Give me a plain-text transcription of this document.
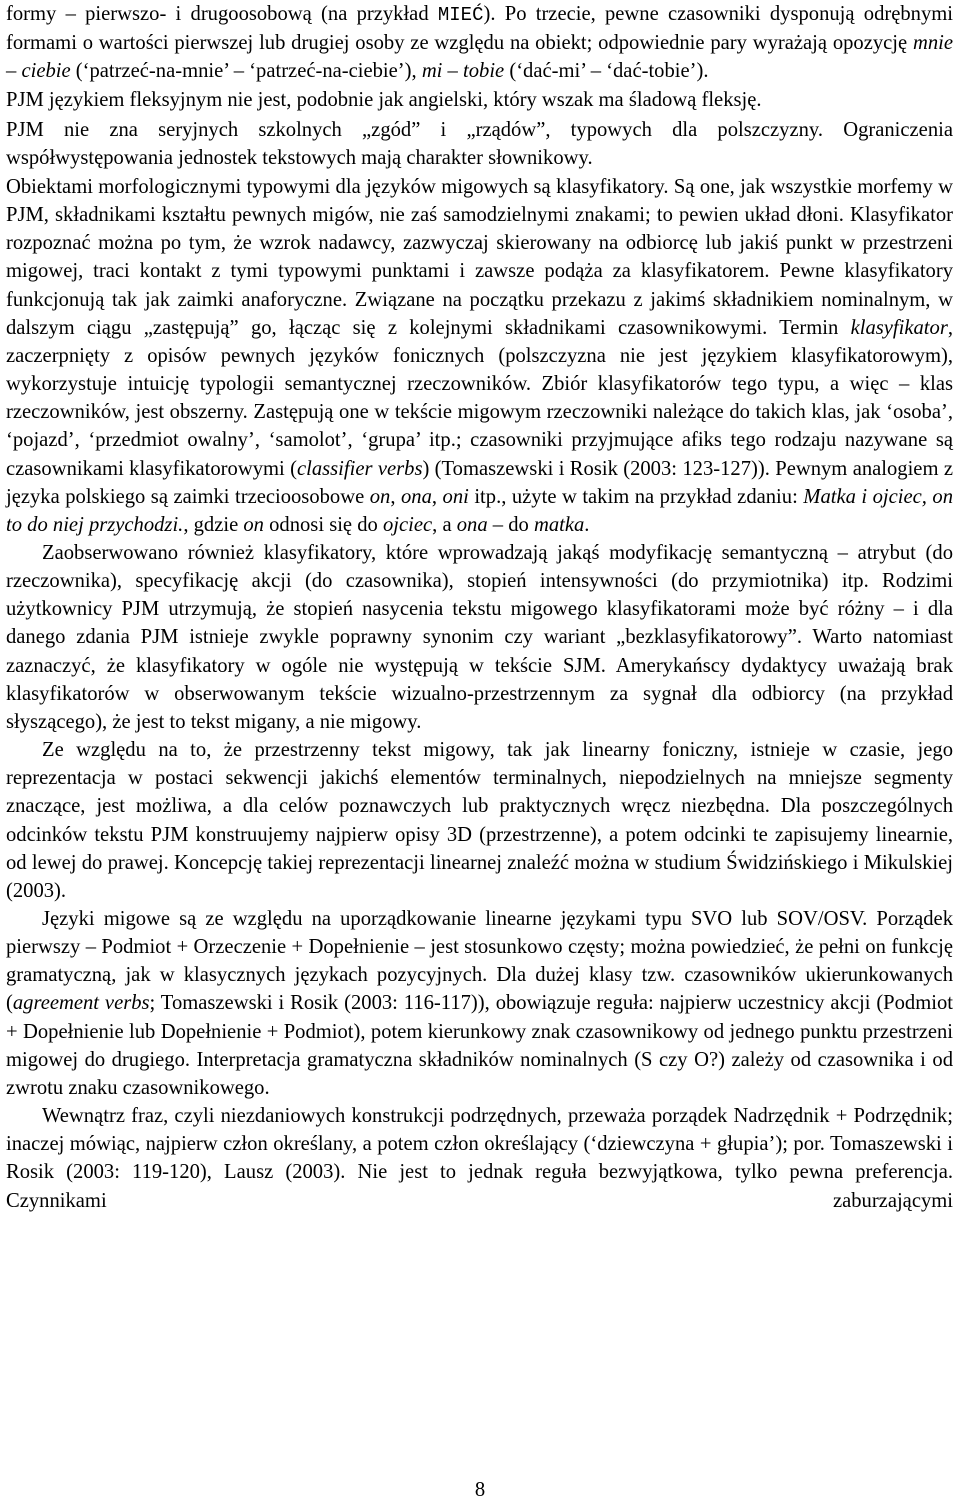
formy – pierwszo- i drugoosobową (na przykład MIEĆ). Po trzecie, pewne czasowniki dysponują odrębnymi formami o wartości pierwszej lub drugiej osoby ze względu na obiekt; odpowiednie pary wyrażają opozycję mnie – ciebie (‘patrzeć-na-mnie’ – ‘patrzeć-na-ciebie’), mi – tobie (‘dać-mi’ – ‘dać-tobie’).

PJM językiem fleksyjnym nie jest, podobnie jak angielski, który wszak ma śladową fleksję.

PJM nie zna seryjnych szkolnych „zgód” i „rządów”, typowych dla polszczyzny. Ograniczenia współwystępowania jednostek tekstowych mają charakter słownikowy.

Obiektami morfologicznymi typowymi dla języków migowych są klasyfikatory. Są one, jak wszystkie morfemy w PJM, składnikami kształtu pewnych migów, nie zaś samodzielnymi znakami; to pewien układ dłoni. Klasyfikator rozpoznać można po tym, że wzrok nadawcy, zazwyczaj skierowany na odbiorcę lub jakiś punkt w przestrzeni migowej, traci kontakt z tymi typowymi punktami i zawsze podąża za klasyfikatorem. Pewne klasyfikatory funkcjonują tak jak zaimki anaforyczne. Związane na początku przekazu z jakimś składnikiem nominalnym, w dalszym ciągu „zastępują” go, łącząc się z kolejnymi składnikami czasownikowymi. Termin klasyfikator, zaczerpnięty z opisów pewnych języków fonicznych (polszczyzna nie jest językiem klasyfikatorowym), wykorzystuje intuicję typologii semantycznej rzeczowników. Zbiór klasyfikatorów tego typu, a więc – klas rzeczowników, jest obszerny. Zastępują one w tekście migowym rzeczowniki należące do takich klas, jak ‘osoba’, ‘pojazd’, ‘przedmiot owalny’, ‘samolot’, ‘grupa’ itp.; czasowniki przyjmujące afiks tego rodzaju nazywane są czasownikami klasyfikatorowymi (classifier verbs) (Tomaszewski i Rosik (2003: 123-127)). Pewnym analogiem z języka polskiego są zaimki trzecioosobowe on, ona, oni itp., użyte w takim na przykład zdaniu: Matka i ojciec, on to do niej przychodzi., gdzie on odnosi się do ojciec, a ona – do matka.

Zaobserwowano również klasyfikatory, które wprowadzają jakąś modyfikację semantyczną – atrybut (do rzeczownika), specyfikację akcji (do czasownika), stopień intensywności (do przymiotnika) itp. Rodzimi użytkownicy PJM utrzymują, że stopień nasycenia tekstu migowego klasyfikatorami może być różny – i dla danego zdania PJM istnieje zwykle poprawny synonim czy wariant „bezklasyfikatorowy”. Warto natomiast zaznaczyć, że klasyfikatory w ogóle nie występują w tekście SJM. Amerykańscy dydaktycy uważają brak klasyfikatorów w obserwowanym tekście wizualno-przestrzennym za sygnał dla odbiorcy (na przykład słyszącego), że jest to tekst migany, a nie migowy.

Ze względu na to, że przestrzenny tekst migowy, tak jak linearny foniczny, istnieje w czasie, jego reprezentacja w postaci sekwencji jakichś elementów terminalnych, niepodzielnych na mniejsze segmenty znaczące, jest możliwa, a dla celów poznawczych lub praktycznych wręcz niezbędna. Dla poszczególnych odcinków tekstu PJM konstruujemy najpierw opisy 3D (przestrzenne), a potem odcinki te zapisujemy linearnie, od lewej do prawej. Koncepcję takiej reprezentacji linearnej znaleźć można w studium Świdzińskiego i Mikulskiej (2003).

Języki migowe są ze względu na uporządkowanie linearne językami typu SVO lub SOV/OSV. Porządek pierwszy – Podmiot + Orzeczenie + Dopełnienie – jest stosunkowo częsty; można powiedzieć, że pełni on funkcję gramatyczną, jak w klasycznych językach pozycyjnych. Dla dużej klasy tzw. czasowników ukierunkowanych (agreement verbs; Tomaszewski i Rosik (2003: 116-117)), obowiązuje reguła: najpierw uczestnicy akcji (Podmiot + Dopełnienie lub Dopełnienie + Podmiot), potem kierunkowy znak czasownikowy od jednego punktu przestrzeni migowej do drugiego. Interpretacja gramatyczna składników nominalnych (S czy O?) zależy od czasownika i od zwrotu znaku czasownikowego.

Wewnątrz fraz, czyli niezdaniowych konstrukcji podrzędnych, przeważa porządek Nadrzędnik + Podrzędnik; inaczej mówiąc, najpierw człon określany, a potem człon określający (‘dziewczyna + głupia’); por. Tomaszewski i Rosik (2003: 119-120), Lausz (2003). Nie jest to jednak reguła bezwyjątkowa, tylko pewna preferencja. Czynnikami zaburzającymi

8
